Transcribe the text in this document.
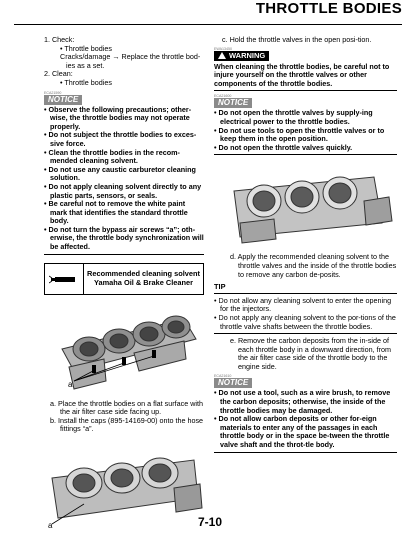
THROTTLE BODIES

1. Check:

• Throttle bodies

Cracks/damage → Replace the throttle bod-

ies as a set.

2. Clean:

• Throttle bodies

ECA21590
NOTICE

• Observe the following precautions; other-wise, the throttle bodies may not operate properly.

• Do not subject the throttle bodies to exces-sive force.

• Clean the throttle bodies in the recom-mended cleaning solvent.

• Do not use any caustic carburetor cleaning solution.

• Do not apply cleaning solvent directly to any plastic parts, sensors, or seals.

• Be careful not to remove the white paint mark that identifies the standard throttle body.

• Do not turn the bypass air screws “a”; oth-erwise, the throttle body synchronization will be affected.

Recommended cleaning solvent
Yamaha Oil & Brake Cleaner
a

a. Place the throttle bodies on a flat surface with the air filter case side facing up.

b. Install the caps (895-14169-00) onto the hose fittings “a”.

a

c. Hold the throttle valves in the open posi-tion.

EWA13450
WARNING

When cleaning the throttle bodies, be careful not to injure yourself on the throttle valves or other components of the throttle bodies.

ECA21600
NOTICE

• Do not open the throttle valves by supply-ing electrical power to the throttle bodies.

• Do not use tools to open the throttle valves or to keep them in the open position.

• Do not open the throttle valves quickly.

d. Apply the recommended cleaning solvent to the throttle valves and the inside of the throttle bodies to remove any carbon de-posits.

TIP

• Do not allow any cleaning solvent to enter the opening for the injectors.

• Do not apply any cleaning solvent to the por-tions of the throttle valve shafts between the throttle bodies.

e. Remove the carbon deposits from the in-side of each throttle body in a downward direction, from the air filter case side of the throttle body to the engine side.

ECA21610
NOTICE

• Do not use a tool, such as a wire brush, to remove the carbon deposits; otherwise, the inside of the throttle bodies may be damaged.

• Do not allow carbon deposits or other for-eign materials to enter any of the passages in each throttle body or in the space be-tween the throttle valve shaft and the throt-tle body.

7-10
